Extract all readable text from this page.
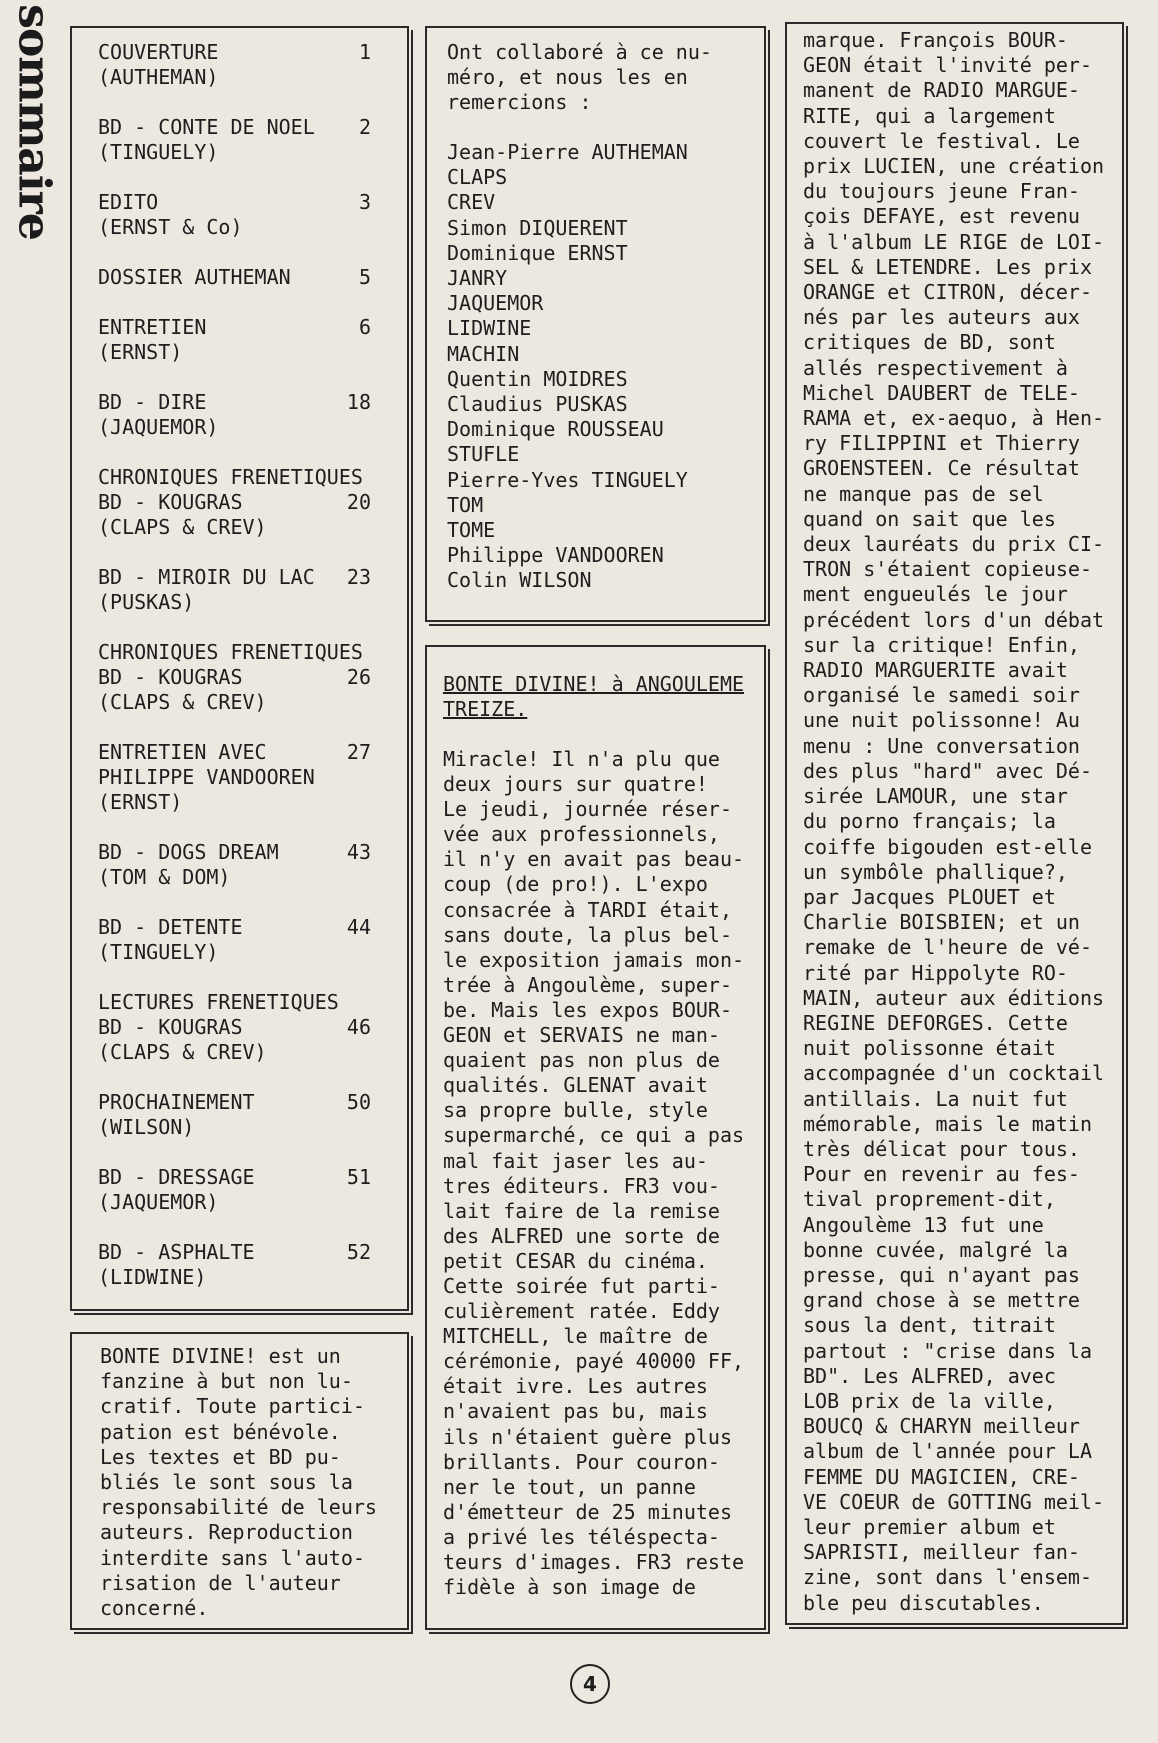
sommaire COUVERTURE	1
(AUTHEMAN)
BD - CONTE DE NOEL 2
(TINGUELY)
EDITO	3
(ERNST & Co)
DOSSIER AUTHEMAN	5
ENTRETIEN	6
(ERNST)
BD - DIRE	18
(JAQUEMOR)
CHRONIQUES FRENETIQUES
BD - KOUGRAS	20
(CLAPS & CREV)
BD - MIROIR DU LAC 23
(PUSKAS)
CHRONIQUES FRENETIQUES
BD - KOUGRAS	26
(CLAPS & CREV)
ENTRETIEN AVEC	27
PHILIPPE VANDOOREN
(ERNST)
BD - DOGS DREAM	43
(TOM & DOM)
BD - DETENTE	44
(TINGUELY)
LECTURES FRENETIQUES
BD - KOUGRAS	46
(CLAPS & CREV)
PROCHAINEMENT	50
(WILSON)
BD - DRESSAGE	51
(JAQUEMOR)
BD - ASPHALTE	52
(LIDWINE)
BONTE DIVINE! est un
fanzine à but non lu-
cratif. Toute partici-
pation est bénévole.
Les textes et BD pu-
bliés le sont sous la
responsabilité de leurs
auteurs. Reproduction
interdite sans l'auto-
risation de l'auteur
concerné.
Ont collaboré à ce nu-
méro, et nous les en
remercions :
Jean-Pierre AUTHEMAN
CLAPS
CREV
Simon DIQUERENT
Dominique ERNST
JANRY
JAQUEMOR
LIDWINE
MACHIN
Quentin MOIDRES
Claudius PUSKAS
Dominique ROUSSEAU
STUFLE
Pierre-Yves TINGUELY
TOM
TOME
Philippe VANDOOREN
Colin WILSON
BONTE DIVINE! à ANGOULEME
TREIZE.
Miracle! Il n'a plu que
deux jours sur quatre!
Le jeudi, journée réser-
vée aux professionnels,
il n'y en avait pas beau-
coup (de pro!). L'expo
consacrée à TARDI était,
sans doute, la plus bel-
le exposition jamais mon-
trée à Angoulème, super-
be. Mais les expos BOUR-
GEON et SERVAIS ne man-
quaient pas non plus de
qualités. GLENAT avait
sa propre bulle, style
supermarché, ce qui a pas
mal fait jaser les au-
tres éditeurs. FR3 vou-
lait faire de la remise
des ALFRED une sorte de
petit CESAR du cinéma.
Cette soirée fut parti-
culièrement ratée. Eddy
MITCHELL, le maître de
cérémonie, payé 40000 FF,
était ivre. Les autres
n'avaient pas bu, mais
ils n'étaient guère plus
brillants. Pour couron-
ner le tout, un panne
d'émetteur de 25 minutes
a privé les téléspecta-
teurs d'images. FR3 reste
fidèle à son image de
marque. François BOUR-
GEON était l'invité per-
manent de RADIO MARGUE-
RITE, qui a largement
couvert le festival. Le
prix LUCIEN, une création
du toujours jeune Fran-
çois DEFAYE, est revenu
à l'album LE RIGE de LOI-
SEL & LETENDRE. Les prix
ORANGE et CITRON, décer-
nés par les auteurs aux
critiques de BD, sont
allés respectivement à
Michel DAUBERT de TELE-
RAMA et, ex-aequo, à Hen-
ry FILIPPINI et Thierry
GROENSTEEN. Ce résultat
ne manque pas de sel
quand on sait que les
deux lauréats du prix CI-
TRON s'étaient copieuse-
ment engueulés le jour
précédent lors d'un débat
sur la critique! Enfin,
RADIO MARGUERITE avait
organisé le samedi soir
une nuit polissonne! Au
menu : Une conversation
des plus "hard" avec Dé-
sirée LAMOUR, une star
du porno français; la
coiffe bigouden est-elle
un symbôle phallique?,
par Jacques PLOUET et
Charlie BOISBIEN; et un
remake de l'heure de vé-
rité par Hippolyte RO-
MAIN, auteur aux éditions
REGINE DEFORGES. Cette
nuit polissonne était
accompagnée d'un cocktail
antillais. La nuit fut
mémorable, mais le matin
très délicat pour tous.
Pour en revenir au fes-
tival proprement-dit,
Angoulème 13 fut une
bonne cuvée, malgré la
presse, qui n'ayant pas
grand chose à se mettre
sous la dent, titrait
partout : "crise dans la
BD". Les ALFRED, avec
LOB prix de la ville,
BOUCQ & CHARYN meilleur
album de l'année pour LA
FEMME DU MAGICIEN, CRE-
VE COEUR de GOTTING meil-
leur premier album et
SAPRISTI, meilleur fan-
zine, sont dans l'ensem-
ble peu discutables.
4
